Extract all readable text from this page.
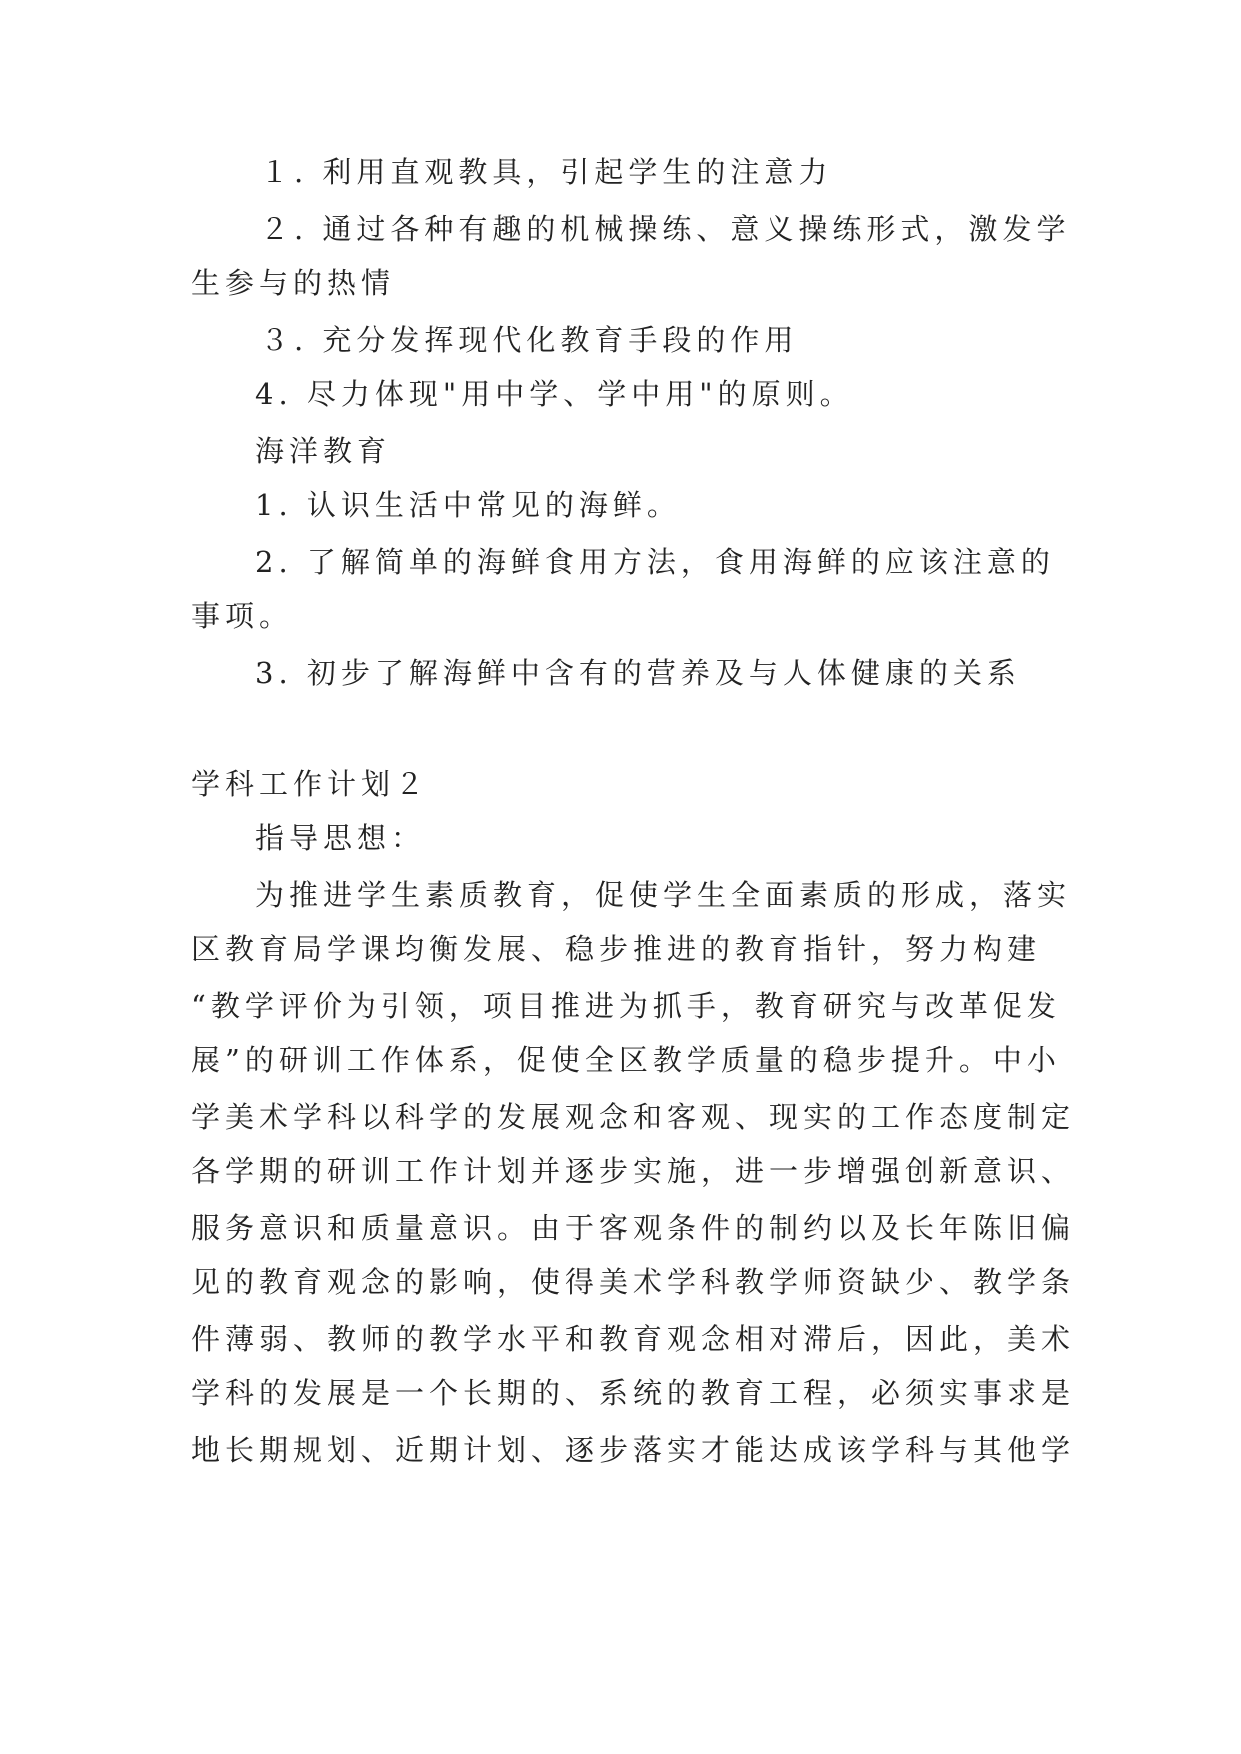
１. 利用直观教具，引起学生的注意力
２. 通过各种有趣的机械操练、意义操练形式，激发学
生参与的热情
３. 充分发挥现代化教育手段的作用
4. 尽力体现"用中学、学中用"的原则。
海洋教育
1. 认识生活中常见的海鲜。
2. 了解简单的海鲜食用方法，食用海鲜的应该注意的
事项。
3. 初步了解海鲜中含有的营养及与人体健康的关系
学科工作计划２
指导思想：
为推进学生素质教育，促使学生全面素质的形成，落实
区教育局学课均衡发展、稳步推进的教育指针，努力构建
“教学评价为引领，项目推进为抓手，教育研究与改革促发
展”的研训工作体系，促使全区教学质量的稳步提升。中小
学美术学科以科学的发展观念和客观、现实的工作态度制定
各学期的研训工作计划并逐步实施，进一步增强创新意识、
服务意识和质量意识。由于客观条件的制约以及长年陈旧偏
见的教育观念的影响，使得美术学科教学师资缺少、教学条
件薄弱、教师的教学水平和教育观念相对滞后，因此，美术
学科的发展是一个长期的、系统的教育工程，必须实事求是
地长期规划、近期计划、逐步落实才能达成该学科与其他学
